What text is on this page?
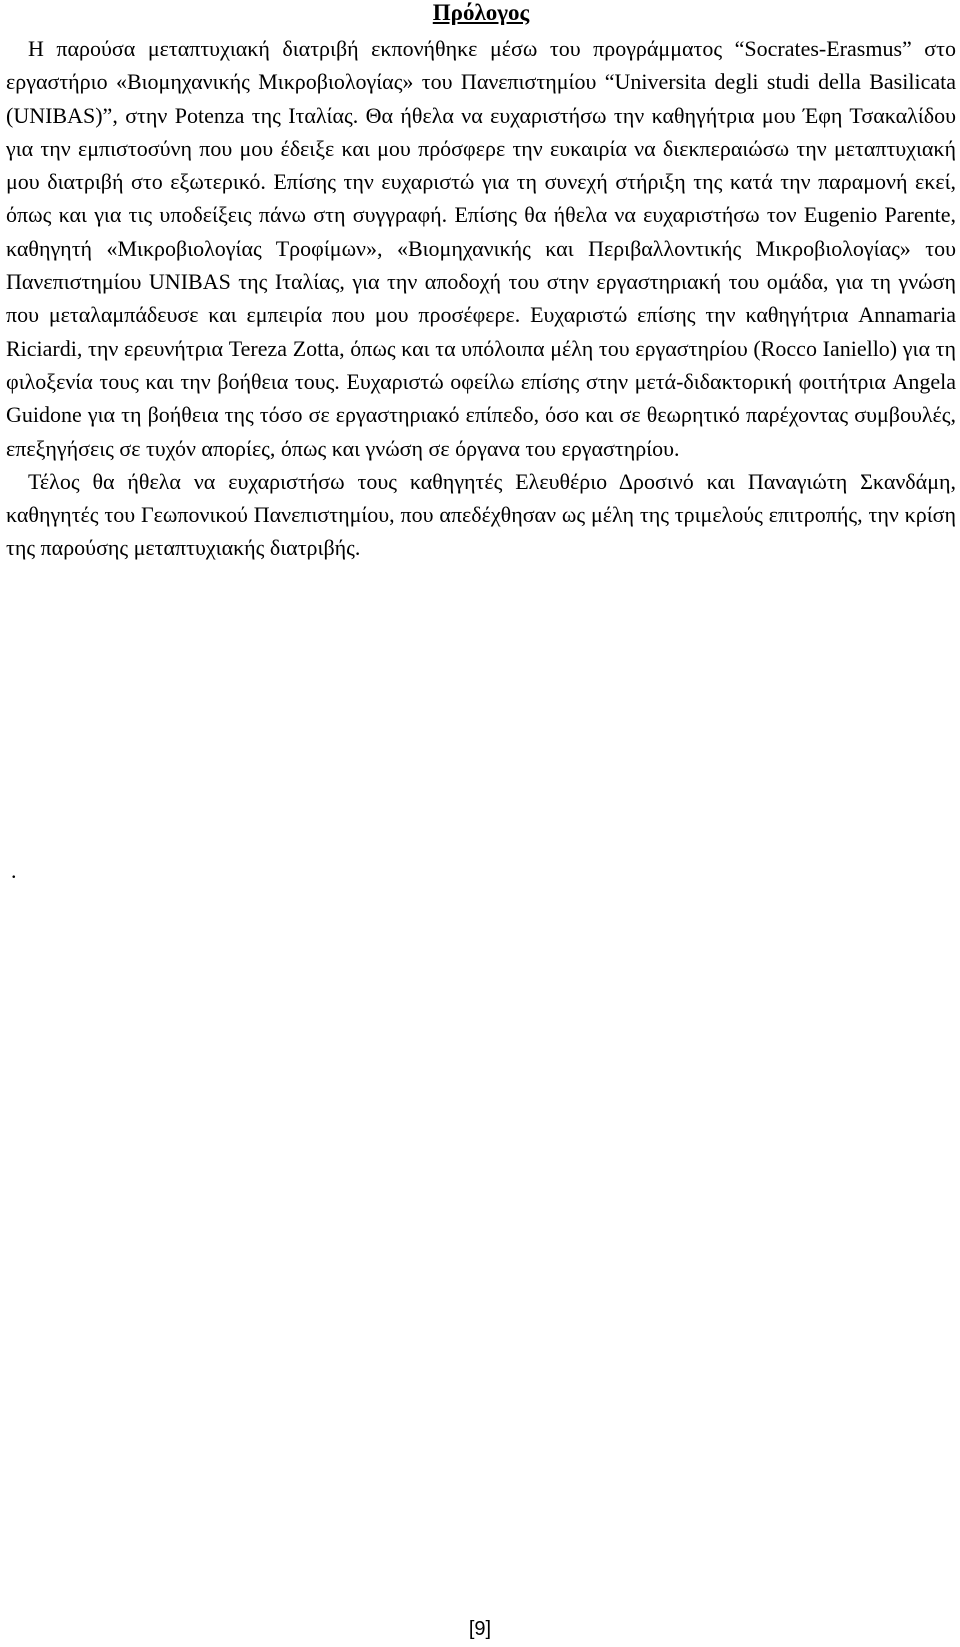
Πρόλογος

Η παρούσα μεταπτυχιακή διατριβή εκπονήθηκε μέσω του προγράμματος “Socrates-Erasmus” στο εργαστήριο «Βιομηχανικής Μικροβιολογίας» του Πανεπιστημίου “Universita degli studi della Basilicata (UNIBAS)”, στην Potenza της Ιταλίας. Θα ήθελα να ευχαριστήσω την καθηγήτρια μου Έφη Τσακαλίδου για την εμπιστοσύνη που μου έδειξε και μου πρόσφερε την ευκαιρία να διεκπεραιώσω την μεταπτυχιακή μου διατριβή στο εξωτερικό. Επίσης την ευχαριστώ για τη συνεχή στήριξη της κατά την παραμονή εκεί, όπως και για τις υποδείξεις πάνω στη συγγραφή. Επίσης θα ήθελα να ευχαριστήσω τον Eugenio Parente, καθηγητή «Μικροβιολογίας Τροφίμων», «Βιομηχανικής και Περιβαλλοντικής Μικροβιολογίας» του Πανεπιστημίου UNIBAS της Ιταλίας, για την αποδοχή του στην εργαστηριακή του ομάδα, για τη γνώση που μεταλαμπάδευσε και εμπειρία που μου προσέφερε. Ευχαριστώ επίσης την καθηγήτρια Annamaria Riciardi, την ερευνήτρια Tereza Zotta, όπως και τα υπόλοιπα μέλη του εργαστηρίου (Rocco Ianiello) για τη φιλοξενία τους και την βοήθεια τους. Ευχαριστώ οφείλω επίσης στην μετά-διδακτορική φοιτήτρια Angela Guidone για τη βοήθεια της τόσο σε εργαστηριακό επίπεδο, όσο και σε θεωρητικό παρέχοντας συμβουλές, επεξηγήσεις σε τυχόν απορίες, όπως και γνώση σε όργανα του εργαστηρίου.

Τέλος θα ήθελα να ευχαριστήσω τους καθηγητές Ελευθέριο Δροσινό και Παναγιώτη Σκανδάμη, καθηγητές του Γεωπονικού Πανεπιστημίου, που απεδέχθησαν ως μέλη της τριμελούς επιτροπής, την κρίση της παρούσης μεταπτυχιακής διατριβής.

.
[9]
